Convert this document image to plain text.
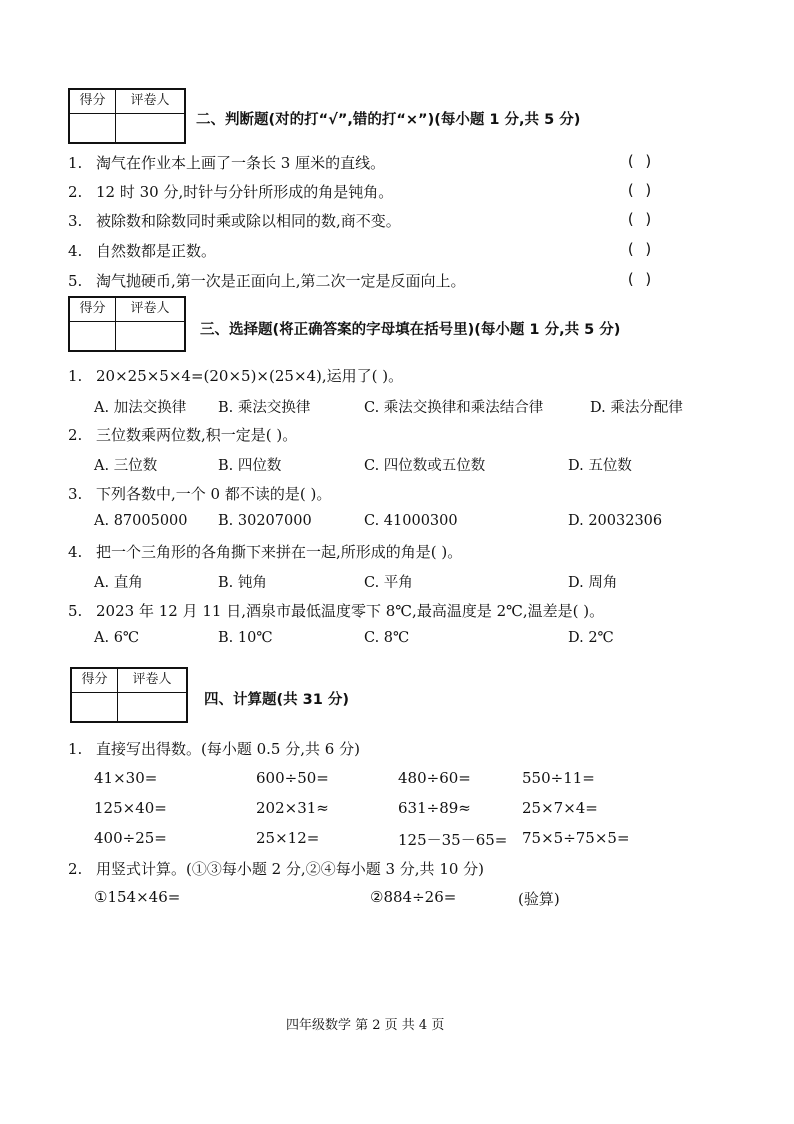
得分	评卷人
二、判断题(对的打“√”,错的打“×”)(每小题 1 分,共 5 分)
1. 淘气在作业本上画了一条长 3 厘米的直线。	( )
2. 12 时 30 分,时针与分针所形成的角是钝角。	( )
3. 被除数和除数同时乘或除以相同的数,商不变。	( )
4. 自然数都是正数。	( )
5. 淘气抛硬币,第一次是正面向上,第二次一定是反面向上。	( )
得分	评卷人
三、选择题(将正确答案的字母填在括号里)(每小题 1 分,共 5 分)
1. 20×25×5×4=(20×5)×(25×4),运用了( )。
A. 加法交换律 B. 乘法交换律	C. 乘法交换律和乘法结合律	D. 乘法分配律
2. 三位数乘两位数,积一定是( )。
A. 三位数	B. 四位数	C. 四位数或五位数	D. 五位数
3. 下列各数中,一个 0 都不读的是( )。
A. 87005000 B. 30207000	C. 41000300	D. 20032306
4. 把一个三角形的各角撕下来拼在一起,所形成的角是( )。
A. 直角	B. 钝角	C. 平角	D. 周角
5. 2023 年 12 月 11 日,酒泉市最低温度零下 8℃,最高温度是 2℃,温差是( )。
A. 6℃	B. 10℃	C. 8℃	D. 2℃
得分	评卷人
四、计算题(共 31 分)
1. 直接写出得数。(每小题 0.5 分,共 6 分)
41×30=	600÷50=	480÷60=	550÷11=
125×40=	202×31≈	631÷89≈	25×7×4=
400÷25=	25×12=	125－35－65= 75×5÷75×5=
2. 用竖式计算。(①③每小题 2 分,②④每小题 3 分,共 10 分)
①154×46=	②884÷26=	(验算)
四年级数学 第 2 页 共 4 页
